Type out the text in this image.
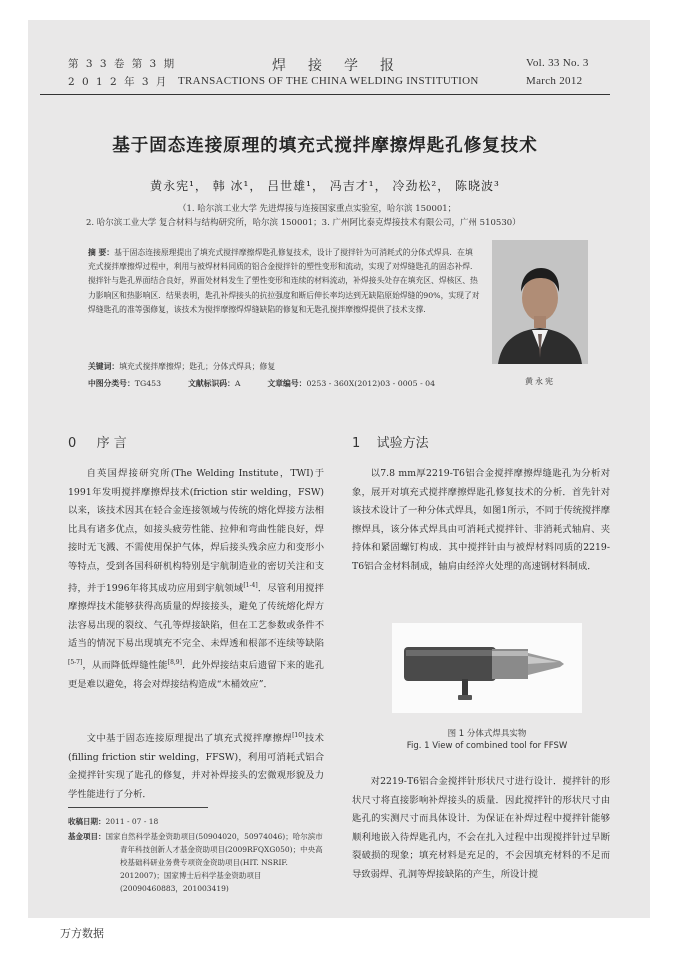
第 3 3 卷 第 3 期
2 0 1 2 年 3 月
焊接学报
TRANSACTIONS OF THE CHINA WELDING INSTITUTION
Vol. 33 No. 3
March 2012
基于固态连接原理的填充式搅拌摩擦焊匙孔修复技术
黄永宪¹， 韩 冰¹， 吕世雄¹， 冯吉才¹， 冷劲松²， 陈晓波³
（1. 哈尔滨工业大学 先进焊接与连接国家重点实验室，哈尔滨 150001；
2. 哈尔滨工业大学 复合材料与结构研究所，哈尔滨 150001；3. 广州阿比泰克焊接技术有限公司，广州 510530）
摘 要：基于固态连接原理提出了填充式搅拌摩擦焊匙孔修复技术，设计了搅拌针为可消耗式的分体式焊具．在填充式搅拌摩擦焊过程中，利用与被焊材料同质的铝合金搅拌针的塑性变形和流动，实现了对焊缝匙孔的固态补焊．搅拌针与匙孔界面结合良好，界面处材料发生了塑性变形和连续的材料流动，补焊接头处存在填充区、焊核区、热力影响区和热影响区．结果表明，匙孔补焊接头的抗拉强度和断后伸长率均达到无缺陷原始焊缝的90%，实现了对焊缝匙孔的准等强修复，该技术为搅拌摩擦焊焊缝缺陷的修复和无匙孔搅拌摩擦焊提供了技术支撑．
关键词：填充式搅拌摩擦焊；匙孔；分体式焊具；修复
中图分类号：TG453	文献标识码：A	文章编号：0253 - 360X(2012)03 - 0005 - 04	黄永宪
0 序 言	1 试验方法
自英国焊接研究所(The Welding Institute，TWI)于1991年发明搅拌摩擦焊技术(friction stir welding，FSW)以来，该技术因其在轻合金连接领域与传统的熔化焊接方法相比具有诸多优点，如接头疲劳性能、拉伸和弯曲性能良好，焊接时无飞溅、不需使用保护气体，焊后接头残余应力和变形小等特点，受到各国科研机构特别是宇航制造业的密切关注和支持，并于1996年将其成功应用到宇航领域[1-4]．尽管利用搅拌摩擦焊技术能够获得高质量的焊接接头，避免了传统熔化焊方法容易出现的裂纹、气孔等焊接缺陷，但在工艺参数或条件不适当的情况下易出现填充不完全、未焊透和根部不连续等缺陷[5-7]，从而降低焊缝性能[8,9]．此外焊接结束后遗留下来的匙孔更是难以避免，将会对焊接结构造成“木桶效应”．
文中基于固态连接原理提出了填充式搅拌摩擦焊[10]技术(filling friction stir welding，FFSW)，利用可消耗式铝合金搅拌针实现了匙孔的修复，并对补焊接头的宏微观形貌及力学性能进行了分析．
收稿日期：2011 - 07 - 18
基金项目：国家自然科学基金资助项目(50904020，50974046)；哈尔滨市青年科技创新人才基金资助项目(2009RFQXG050)；中央高校基础科研业务费专项资金资助项目(HIT. NSRIF. 2012007)；国家博士后科学基金资助项目(20090460883，201003419)
以7.8 mm厚2219-T6铝合金搅拌摩擦焊缝匙孔为分析对象，展开对填充式搅拌摩擦焊匙孔修复技术的分析．首先针对该技术设计了一种分体式焊具，如图1所示，不同于传统搅拌摩擦焊具，该分体式焊具由可消耗式搅拌针、非消耗式轴肩、夹持体和紧固螺钉构成．其中搅拌针由与被焊材料同质的2219-T6铝合金材料制成，轴肩由经淬火处理的高速钢材料制成．
图 1 分体式焊具实物
Fig. 1 View of combined tool for FFSW
对2219-T6铝合金搅拌针形状尺寸进行设计．搅拌针的形状尺寸将直接影响补焊接头的质量．因此搅拌针的形状尺寸由匙孔的实测尺寸而具体设计．为保证在补焊过程中搅拌针能够顺利地嵌入待焊匙孔内，不会在扎入过程中出现搅拌针过早断裂破损的现象；填充材料是充足的，不会因填充材料的不足而导致弱焊、孔洞等焊接缺陷的产生，所设计搅
万方数据
